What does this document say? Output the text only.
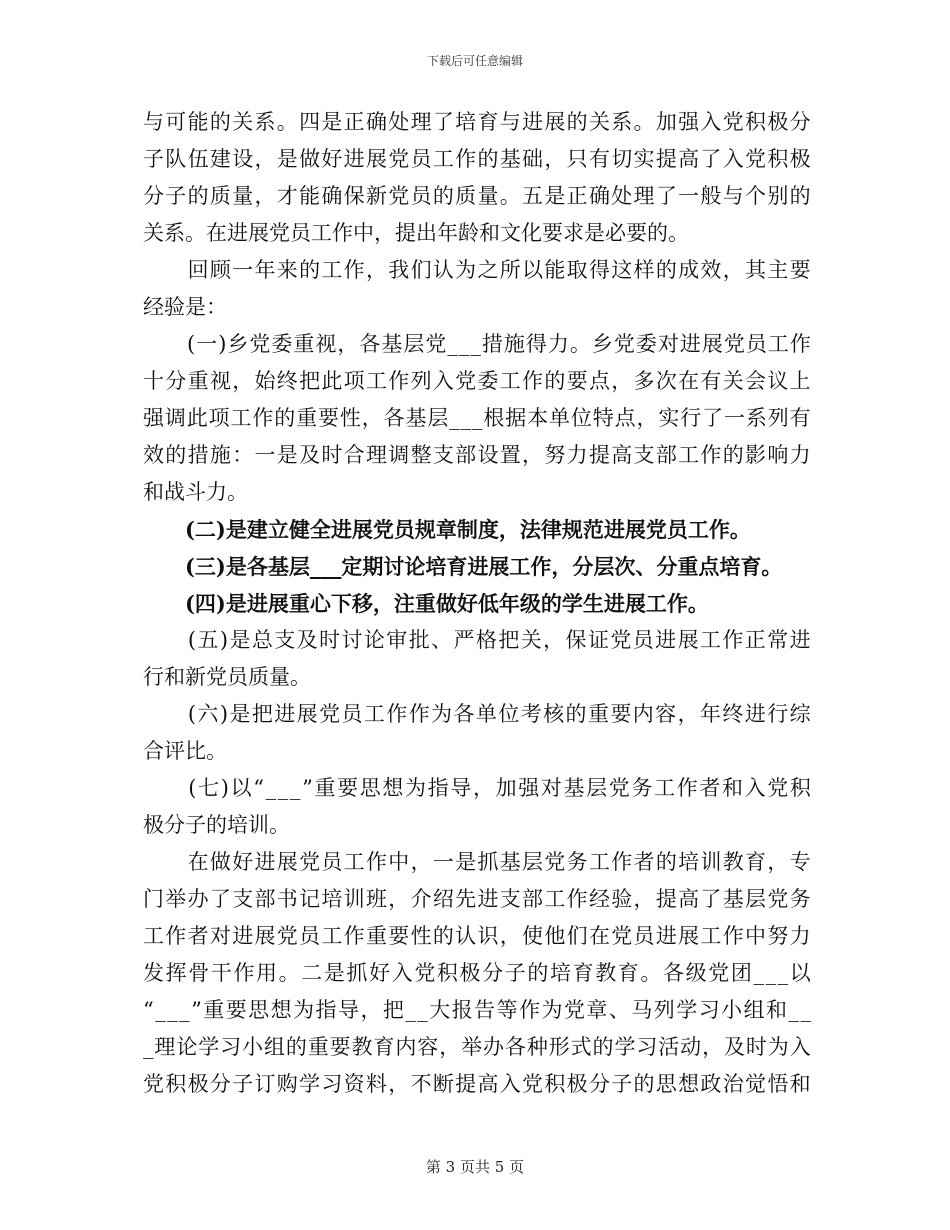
下载后可任意编辑
与 可 能 的 关 系 。 四 是 正 确 处 理 了 培 育 与 进 展 的 关 系 。 加 强 入 党 积 极 分
子 队 伍 建 设 ， 是 做 好 进 展 党 员 工 作 的 基 础 ， 只 有 切 实 提 高 了 入 党 积 极
分 子 的 质 量 ， 才 能 确 保 新 党 员 的 质 量 。 五 是 正 确 处 理 了 一 般 与 个 别 的
关系。在进展党员工作中，提出年龄和文化要求是必要的。

回 顾 一 年 来 的 工 作 ， 我 们 认 为 之 所 以 能 取 得 这 样 的 成 效 ， 其 主 要
经验是：

( 一 ) 乡 党 委 重 视 ， 各 基 层 党 _ _ _ 措 施 得 力 。 乡 党 委 对 进 展 党 员 工 作
十 分 重 视 ， 始 终 把 此 项 工 作 列 入 党 委 工 作 的 要 点 ， 多 次 在 有 关 会 议 上
强 调 此 项 工 作 的 重 要 性 ， 各 基 层 _ _ _ 根 据 本 单 位 特 点 ， 实 行 了 一 系 列 有
效 的 措 施 ： 一 是 及 时 合 理 调 整 支 部 设 置 ， 努 力 提 高 支 部 工 作 的 影 响 力
和战斗力。
　　(二)是建立健全进展党员规章制度，法律规范进展党员工作。
　　(三)是各基层___定期讨论培育进展工作，分层次、分重点培育。
　　(四)是进展重心下移，注重做好低年级的学生进展工作。

( 五 ) 是 总 支 及 时 讨 论 审 批 、 严 格 把 关 ， 保 证 党 员 进 展 工 作 正 常 进
行和新党员质量。

( 六 ) 是 把 进 展 党 员 工 作 作 为 各 单 位 考 核 的 重 要 内 容 ， 年 终 进 行 综
合评比。

( 七 ) 以 “ _ _ _ ” 重 要 思 想 为 指 导 ， 加 强 对 基 层 党 务 工 作 者 和 入 党 积
极分子的培训。

在 做 好 进 展 党 员 工 作 中 ， 一 是 抓 基 层 党 务 工 作 者 的 培 训 教 育 ， 专
门 举 办 了 支 部 书 记 培 训 班 ， 介 绍 先 进 支 部 工 作 经 验 ， 提 高 了 基 层 党 务
工 作 者 对 进 展 党 员 工 作 重 要 性 的 认 识 ， 使 他 们 在 党 员 进 展 工 作 中 努 力
发 挥 骨 干 作 用 。 二 是 抓 好 入 党 积 极 分 子 的 培 育 教 育 。 各 级 党 团 _ _ _ 以
“ _ _ _ ” 重 要 思 想 为 指 导 ， 把 _ _ 大 报 告 等 作 为 党 章 、 马 列 学 习 小 组 和 _ _
_ 理 论 学 习 小 组 的 重 要 教 育 内 容 ， 举 办 各 种 形 式 的 学 习 活 动 ， 及 时 为 入
党 积 极 分 子 订 购 学 习 资 料 ， 不 断 提 高 入 党 积 极 分 子 的 思 想 政 治 觉 悟 和
第 3 页共 5 页
